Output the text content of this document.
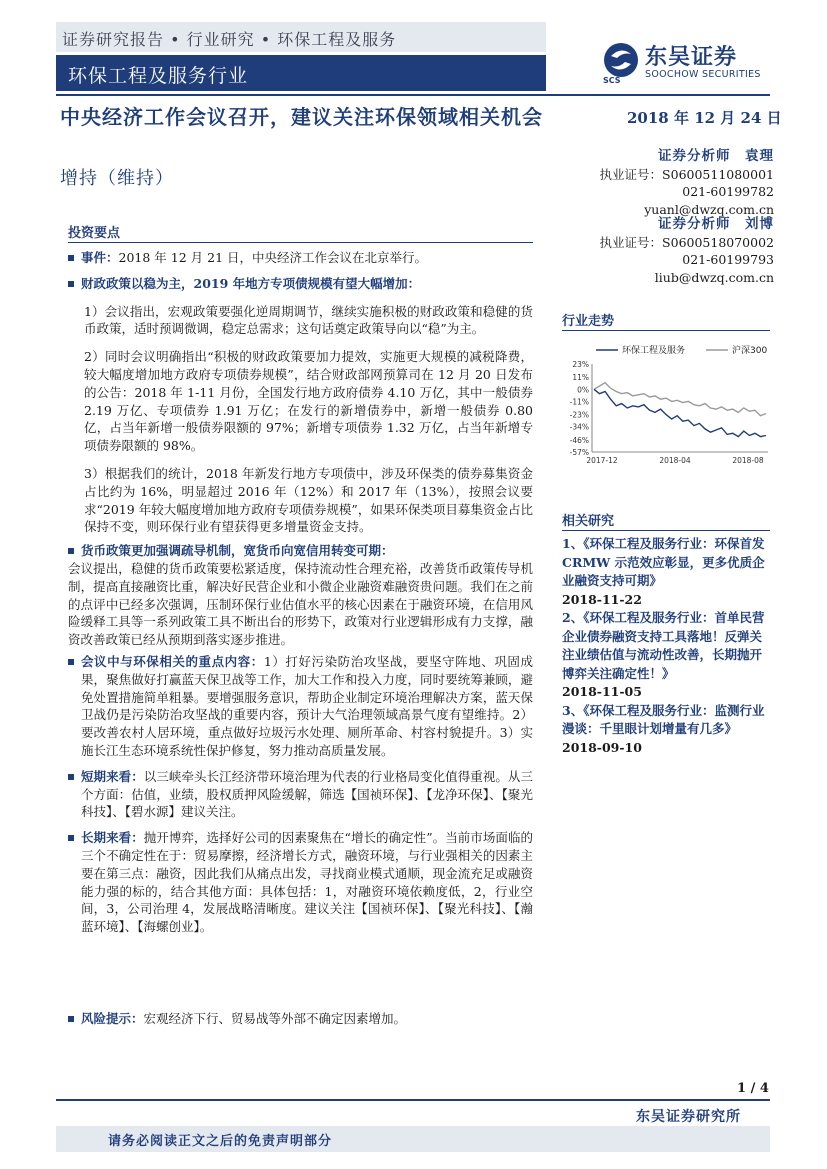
证券研究报告 • 行业研究 • 环保工程及服务
环保工程及服务行业
东吴证券
SOOCHOW SECURITIES
SCS
中央经济工作会议召开，建议关注环保领域相关机会
增持（维持）
2018 年 12 月 24 日
证券分析师　袁理
执业证号：S0600511080001
021-60199782
yuanl@dwzq.com.cn
证券分析师　刘博
执业证号：S0600518070002
021-60199793
liub@dwzq.com.cn
投资要点
事件：2018 年 12 月 21 日，中央经济工作会议在北京举行。
财政政策以稳为主，2019 年地方专项债规模有望大幅增加：
1）会议指出，宏观政策要强化逆周期调节，继续实施积极的财政政策和稳健的货币政策，适时预调微调，稳定总需求；这句话奠定政策导向以“稳”为主。
2）同时会议明确指出“积极的财政政策要加力提效，实施更大规模的减税降费，较大幅度增加地方政府专项债券规模”，结合财政部网预算司在 12 月 20 日发布的公告：2018 年 1-11 月份，全国发行地方政府债券 4.10 万亿，其中一般债券 2.19 万亿、专项债券 1.91 万亿；在发行的新增债券中，新增一般债券 0.80 亿，占当年新增一般债券限额的 97%；新增专项债券 1.32 万亿，占当年新增专项债券限额的 98%。
3）根据我们的统计，2018 年新发行地方专项债中，涉及环保类的债券募集资金占比约为 16%，明显超过 2016 年（12%）和 2017 年（13%），按照会议要求“2019 年较大幅度增加地方政府专项债券规模”，如果环保类项目募集资金占比保持不变，则环保行业有望获得更多增量资金支持。
货币政策更加强调疏导机制，宽货币向宽信用转变可期：
会议提出，稳健的货币政策要松紧适度，保持流动性合理充裕，改善货币政策传导机制，提高直接融资比重，解决好民营企业和小微企业融资难融资贵问题。我们在之前的点评中已经多次强调，压制环保行业估值水平的核心因素在于融资环境，在信用风险缓释工具等一系列政策工具不断出台的形势下，政策对行业逻辑形成有力支撑，融资改善政策已经从预期到落实逐步推进。
会议中与环保相关的重点内容：1）打好污染防治攻坚战，要坚守阵地、巩固成果，聚焦做好打赢蓝天保卫战等工作，加大工作和投入力度，同时要统筹兼顾，避免处置措施简单粗暴。要增强服务意识，帮助企业制定环境治理解决方案，蓝天保卫战仍是污染防治攻坚战的重要内容，预计大气治理领域高景气度有望维持。2）要改善农村人居环境，重点做好垃圾污水处理、厕所革命、村容村貌提升。3）实施长江生态环境系统性保护修复，努力推动高质量发展。
短期来看：以三峡牵头长江经济带环境治理为代表的行业格局变化值得重视。从三个方面：估值，业绩，股权质押风险缓解，筛选【国祯环保】、【龙净环保】、【聚光科技】、【碧水源】建议关注。
长期来看：抛开博弈，选择好公司的因素聚焦在“增长的确定性”。当前市场面临的三个不确定性在于：贸易摩擦，经济增长方式，融资环境，与行业强相关的因素主要在第三点：融资，因此我们从痛点出发，寻找商业模式通顺，现金流充足或融资能力强的标的，结合其他方面：具体包括：1，对融资环境依赖度低，2，行业空间，3，公司治理 4，发展战略清晰度。建议关注【国祯环保】、【聚光科技】、【瀚蓝环境】、【海螺创业】。
风险提示：宏观经济下行、贸易战等外部不确定因素增加。
行业走势
23%
11%
0%
-11%
-23%
-34%
-46%
-57%
2017-12	2018-04	2018-08
环保工程及服务	沪深300
相关研究
1、《环保工程及服务行业：环保首发 CRMW 示范效应彰显，更多优质企业融资支持可期》
2018-11-22
2、《环保工程及服务行业：首单民营企业债券融资支持工具落地！反弹关注业绩估值与流动性改善，长期抛开博弈关注确定性！》
2018-11-05
3、《环保工程及服务行业：监测行业漫谈：千里眼计划增量有几多》
2018-09-10
1 / 4
东吴证券研究所
请务必阅读正文之后的免责声明部分
